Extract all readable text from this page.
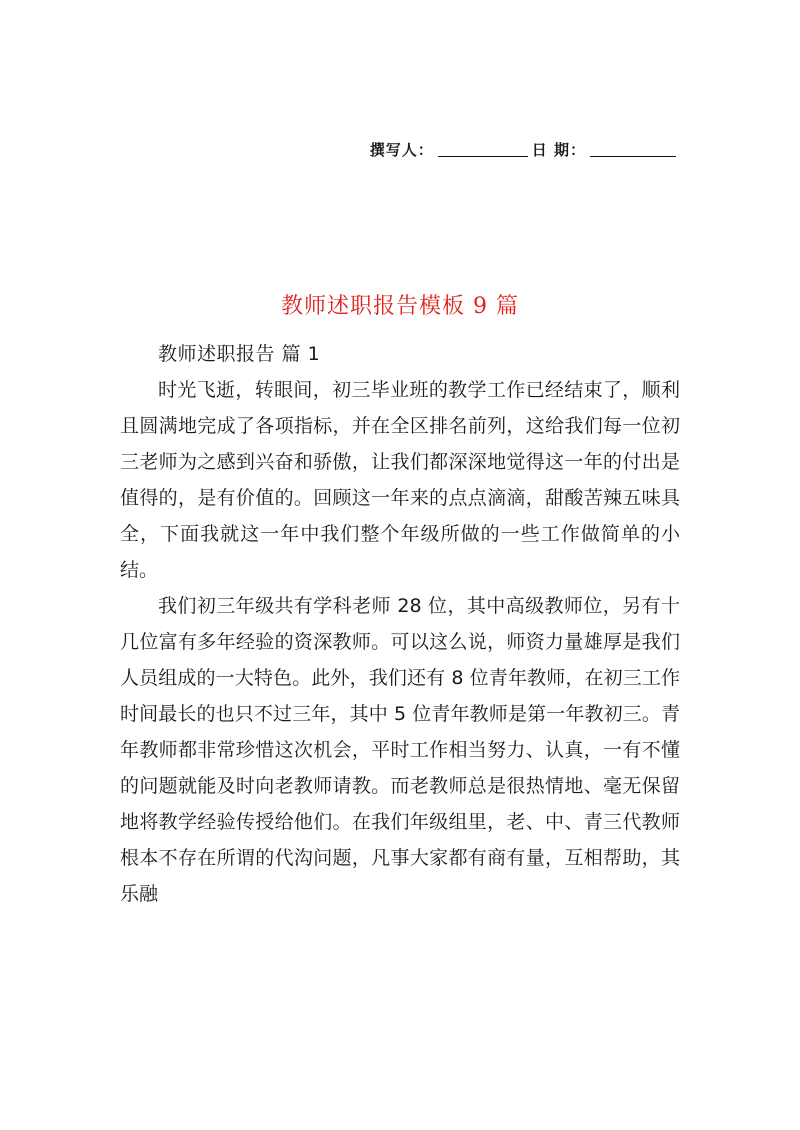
撰写人：	日 期：
教师述职报告模板 9 篇

教师述职报告 篇 1

时光飞逝，转眼间，初三毕业班的教学工作已经结束了，顺利且圆满地完成了各项指标，并在全区排名前列，这给我们每一位初三老师为之感到兴奋和骄傲，让我们都深深地觉得这一年的付出是值得的，是有价值的。回顾这一年来的点点滴滴，甜酸苦辣五味具全，下面我就这一年中我们整个年级所做的一些工作做简单的小结。

我们初三年级共有学科老师 28 位，其中高级教师位，另有十几位富有多年经验的资深教师。可以这么说，师资力量雄厚是我们人员组成的一大特色。此外，我们还有 8 位青年教师，在初三工作时间最长的也只不过三年，其中 5 位青年教师是第一年教初三。青年教师都非常珍惜这次机会，平时工作相当努力、认真，一有不懂的问题就能及时向老教师请教。而老教师总是很热情地、毫无保留地将教学经验传授给他们。在我们年级组里，老、中、青三代教师根本不存在所谓的代沟问题，凡事大家都有商有量，互相帮助，其乐融
